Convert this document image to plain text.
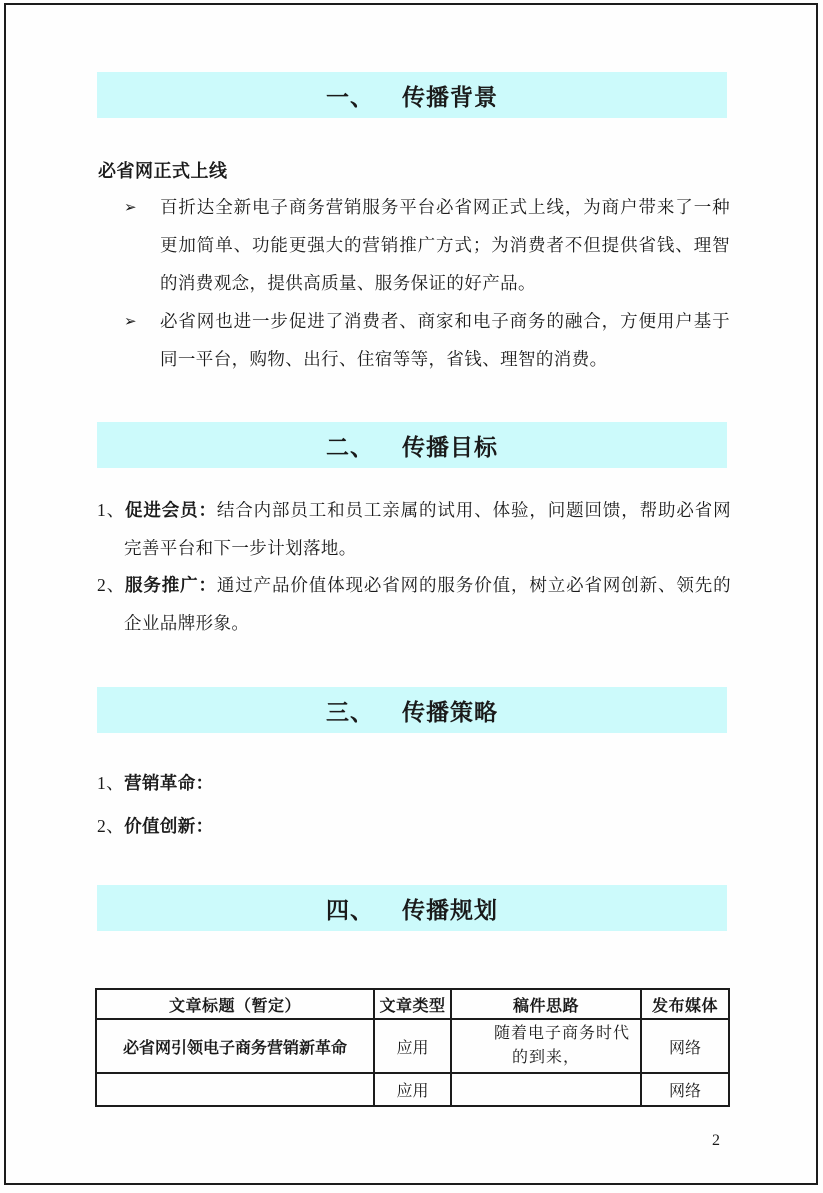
一、 传播背景
必省网正式上线
➢	百折达全新电子商务营销服务平台必省网正式上线，为商户带来了一种更加简单、功能更强大的营销推广方式；为消费者不但提供省钱、理智的消费观念，提供高质量、服务保证的好产品。
➢	必省网也进一步促进了消费者、商家和电子商务的融合，方便用户基于同一平台，购物、出行、住宿等等，省钱、理智的消费。
二、 传播目标
1、促进会员：结合内部员工和员工亲属的试用、体验，问题回馈，帮助必省网完善平台和下一步计划落地。
2、服务推广：通过产品价值体现必省网的服务价值，树立必省网创新、领先的企业品牌形象。
三、 传播策略
1、营销革命：
2、价值创新：
四、 传播规划
文章标题（暂定）	文章类型	稿件思路	发布媒体
必省网引领电子商务营销新革命	应用	随着电子商务时代的到来，	网络
	应用		网络
2
